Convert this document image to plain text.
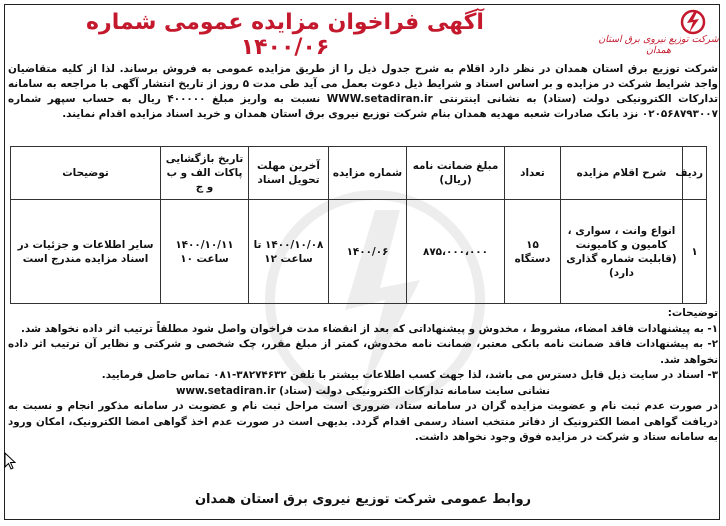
آگهی فراخوان مزایده عمومی شماره ۱۴۰۰/۰۶	شرکت توزیع نیروی برق استان همدان

شرکت توزیع برق استان همدان در نظر دارد اقلام به شرح جدول ذیل را از طریق مزایده عمومی به فروش برساند. لذا از کلیه متقاضیان واجد شرایط شرکت در مزایده و بر اساس اسناد و شرایط ذیل دعوت بعمل می آید طی مدت ۵ روز از تاریخ انتشار آگهی با مراجعه به سامانه تدارکات الکترونیکی دولت (ستاد) به نشانی اینترنتی WWW.setadiran.ir نسبت به واریز مبلغ ۴۰۰۰۰۰ ریال به حساب سپهر شماره ۰۲۰۵۶۸۷۹۳۰۰۷ نزد بانک صادرات شعبه مهدیه همدان بنام شرکت توزیع نیروی برق استان همدان و خرید اسناد مزایده اقدام نمایند.

ردیف	شرح اقلام مزایده	تعداد	مبلغ ضمانت نامه (ریال)	شماره مزایده	آخرین مهلت تحویل اسناد	تاریخ بازگشایی پاکات الف و ب و ج	توضیحات
۱	انواع وانت ، سواری ، کامیون و کامیونت (قابلیت شماره گذاری دارد)	۱۵ دستگاه	۸۷۵،۰۰۰،۰۰۰	۱۴۰۰/۰۶	۱۴۰۰/۱۰/۰۸ تا ساعت ۱۲	۱۴۰۰/۱۰/۱۱ ساعت ۱۰	سایر اطلاعات و جزئیات در اسناد مزایده مندرج است

توضیحات:

۱- به پیشنهادات فاقد امضاء، مشروط ، مخدوش و پیشنهاداتی که بعد از انقضاء مدت فراخوان واصل شود مطلقاً ترتیب اثر داده نخواهد شد.

۲- به پیشنهادات فاقد ضمانت نامه بانکی معتبر، ضمانت نامه مخدوش، کمتر از مبلغ مقرر، چک شخصی و شرکتی و نظایر آن ترتیب اثر داده نخواهد شد.

۳- اسناد در سایت ذیل قابل دسترس می باشد، لذا جهت کسب اطلاعات بیشتر با تلفن ۳۸۲۷۴۶۳۲-۰۸۱ تماس حاصل فرمایید.

نشانی سایت سامانه تدارکات الکترونیکی دولت (ستاد) www.setadiran.ir

در صورت عدم ثبت نام و عضویت مزایده گران در سامانه ستاد، ضروری است مراحل ثبت نام و عضویت در سامانه مذکور انجام و نسبت به دریافت گواهی امضا الکترونیک از دفاتر منتخب اسناد رسمی اقدام گردد. بدیهی است در صورت عدم اخذ گواهی امضا الکترونیک، امکان ورود به سامانه ستاد و شرکت در مزایده فوق وجود نخواهد داشت.

روابط عمومی شرکت توزیع نیروی برق استان همدان
